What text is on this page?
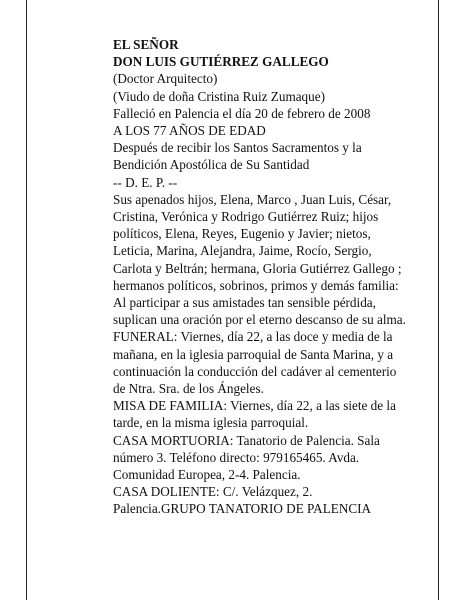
EL SEÑOR
DON LUIS GUTIÉRREZ GALLEGO
(Doctor Arquitecto)
(Viudo de doña Cristina Ruiz Zumaque)
Falleció en Palencia el día 20 de febrero de 2008
A LOS 77 AÑOS DE EDAD
Después de recibir los Santos Sacramentos y la
Bendición Apostólica de Su Santidad
-- D. E. P. --
Sus apenados hijos, Elena, Marco , Juan Luis, César,
Cristina, Verónica y Rodrigo Gutiérrez Ruiz; hijos
políticos, Elena, Reyes, Eugenio y Javier; nietos,
Leticia, Marina, Alejandra, Jaime, Rocío, Sergio,
Carlota y Beltrán; hermana, Gloria Gutiérrez Gallego ;
hermanos políticos, sobrinos, primos y demás familia:
Al participar a sus amistades tan sensible pérdida,
suplican una oración por el eterno descanso de su alma.
FUNERAL: Viernes, día 22, a las doce y media de la
mañana, en la iglesia parroquial de Santa Marina, y a
continuación la conducción del cadáver al cementerio
de Ntra. Sra. de los Ángeles.
MISA DE FAMILIA: Viernes, día 22, a las siete de la
tarde, en la misma iglesia parroquial.
CASA MORTUORIA: Tanatorio de Palencia. Sala
número 3. Teléfono directo: 979165465. Avda.
Comunidad Europea, 2-4. Palencia.
CASA DOLIENTE: C/. Velázquez, 2.
Palencia.GRUPO TANATORIO DE PALENCIA
